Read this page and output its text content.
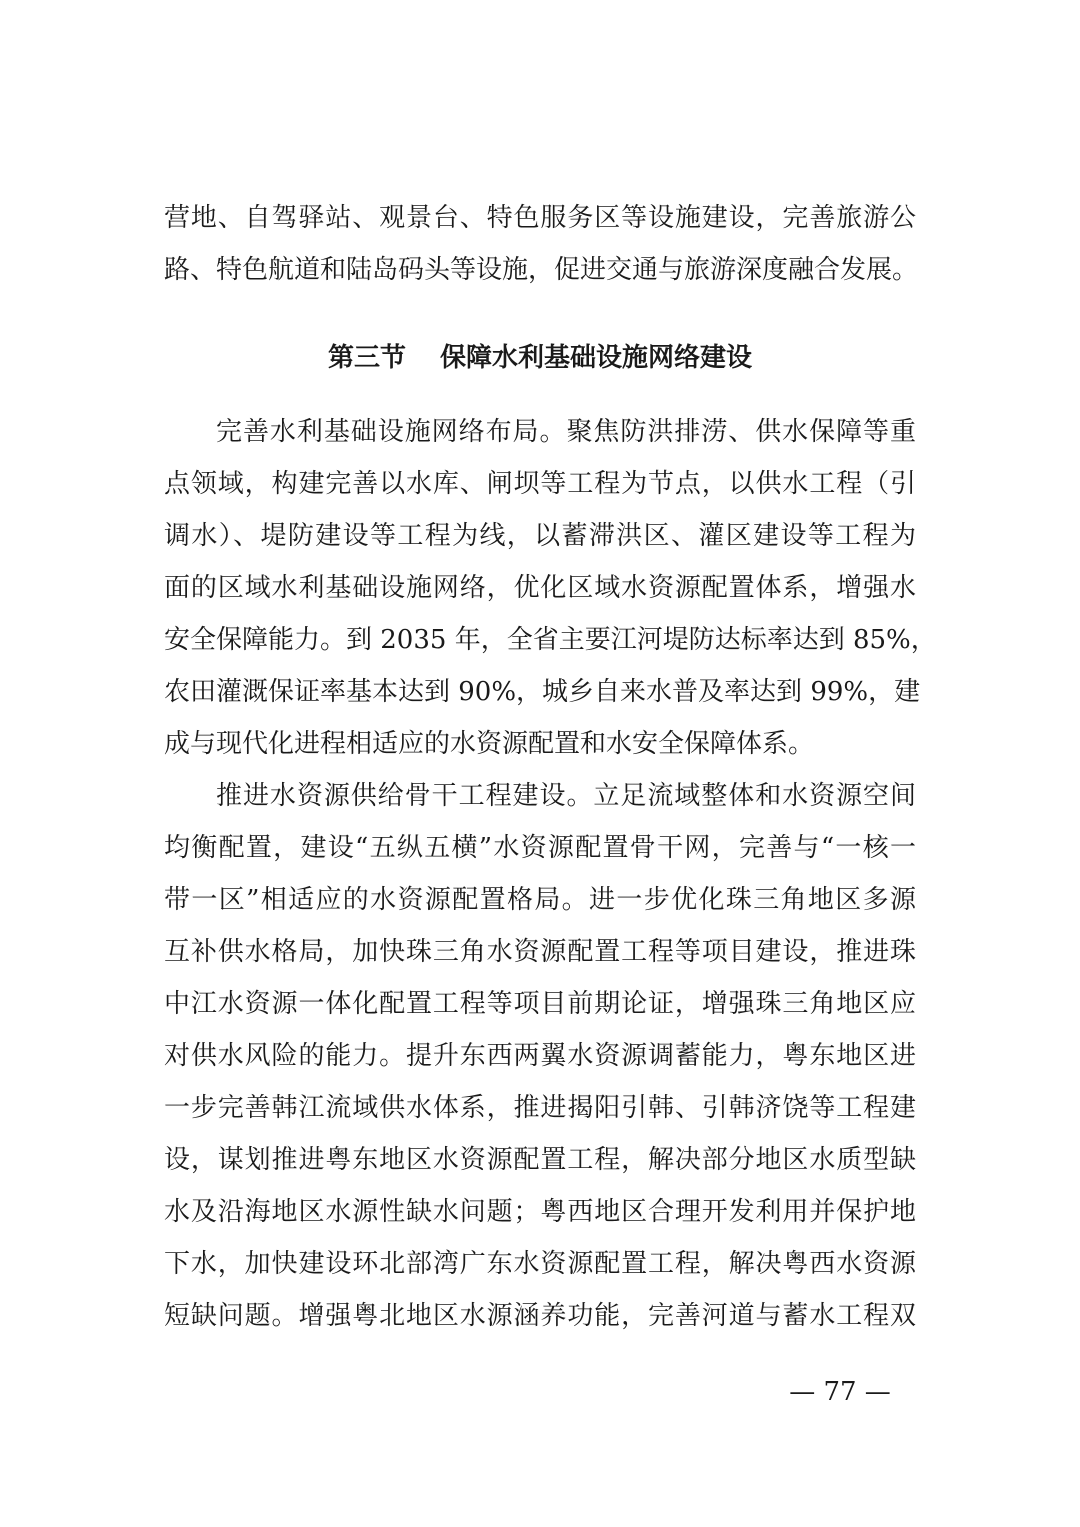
营地、自驾驿站、观景台、特色服务区等设施建设，完善旅游公
路、特色航道和陆岛码头等设施，促进交通与旅游深度融合发展。
第三节 保障水利基础设施网络建设
完善水利基础设施网络布局。聚焦防洪排涝、供水保障等重
点领域，构建完善以水库、闸坝等工程为节点，以供水工程（引
调水）、堤防建设等工程为线，以蓄滞洪区、灌区建设等工程为
面的区域水利基础设施网络，优化区域水资源配置体系，增强水
安全保障能力。到 2035 年，全省主要江河堤防达标率达到 85%，
农田灌溉保证率基本达到 90%，城乡自来水普及率达到 99%，建
成与现代化进程相适应的水资源配置和水安全保障体系。
推进水资源供给骨干工程建设。立足流域整体和水资源空间
均衡配置，建设“五纵五横”水资源配置骨干网，完善与“一核一
带一区”相适应的水资源配置格局。进一步优化珠三角地区多源
互补供水格局，加快珠三角水资源配置工程等项目建设，推进珠
中江水资源一体化配置工程等项目前期论证，增强珠三角地区应
对供水风险的能力。提升东西两翼水资源调蓄能力，粤东地区进
一步完善韩江流域供水体系，推进揭阳引韩、引韩济饶等工程建
设，谋划推进粤东地区水资源配置工程，解决部分地区水质型缺
水及沿海地区水源性缺水问题；粤西地区合理开发利用并保护地
下水，加快建设环北部湾广东水资源配置工程，解决粤西水资源
短缺问题。增强粤北地区水源涵养功能，完善河道与蓄水工程双
— 77 —
